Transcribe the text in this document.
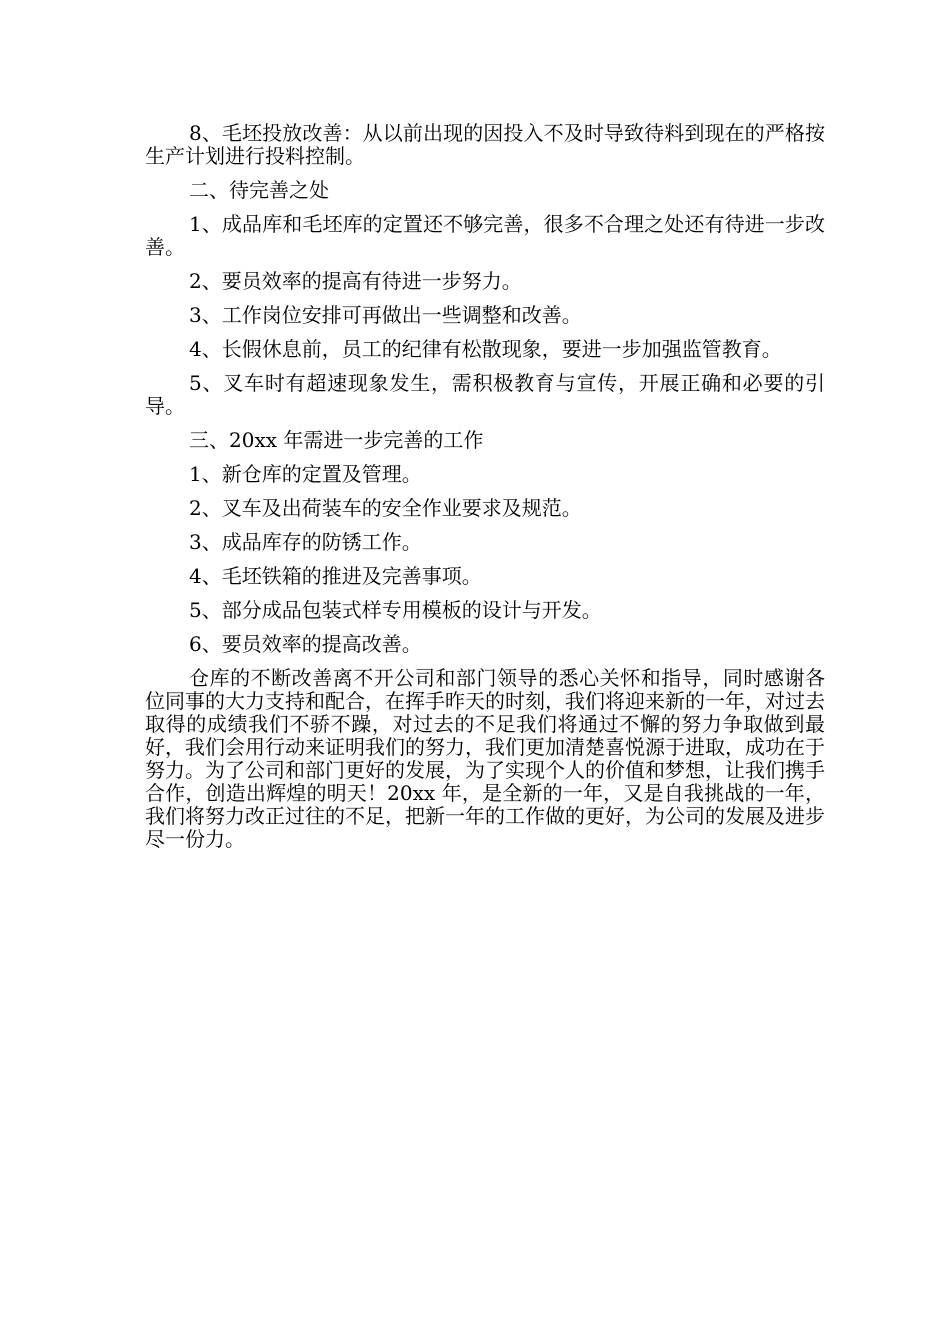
8、毛坯投放改善：从以前出现的因投入不及时导致待料到现在的严格按生产计划进行投料控制。

二、待完善之处

1、成品库和毛坯库的定置还不够完善，很多不合理之处还有待进一步改善。

2、要员效率的提高有待进一步努力。

3、工作岗位安排可再做出一些调整和改善。

4、长假休息前，员工的纪律有松散现象，要进一步加强监管教育。

5、叉车时有超速现象发生，需积极教育与宣传，开展正确和必要的引导。

三、20xx 年需进一步完善的工作

1、新仓库的定置及管理。

2、叉车及出荷装车的安全作业要求及规范。

3、成品库存的防锈工作。

4、毛坯铁箱的推进及完善事项。

5、部分成品包装式样专用模板的设计与开发。

6、要员效率的提高改善。

仓库的不断改善离不开公司和部门领导的悉心关怀和指导，同时感谢各位同事的大力支持和配合，在挥手昨天的时刻，我们将迎来新的一年，对过去取得的成绩我们不骄不躁，对过去的不足我们将通过不懈的努力争取做到最好，我们会用行动来证明我们的努力，我们更加清楚喜悦源于进取，成功在于努力。为了公司和部门更好的发展，为了实现个人的价值和梦想，让我们携手合作，创造出辉煌的明天！20xx 年，是全新的一年，又是自我挑战的一年，我们将努力改正过往的不足，把新一年的工作做的更好，为公司的发展及进步尽一份力。
